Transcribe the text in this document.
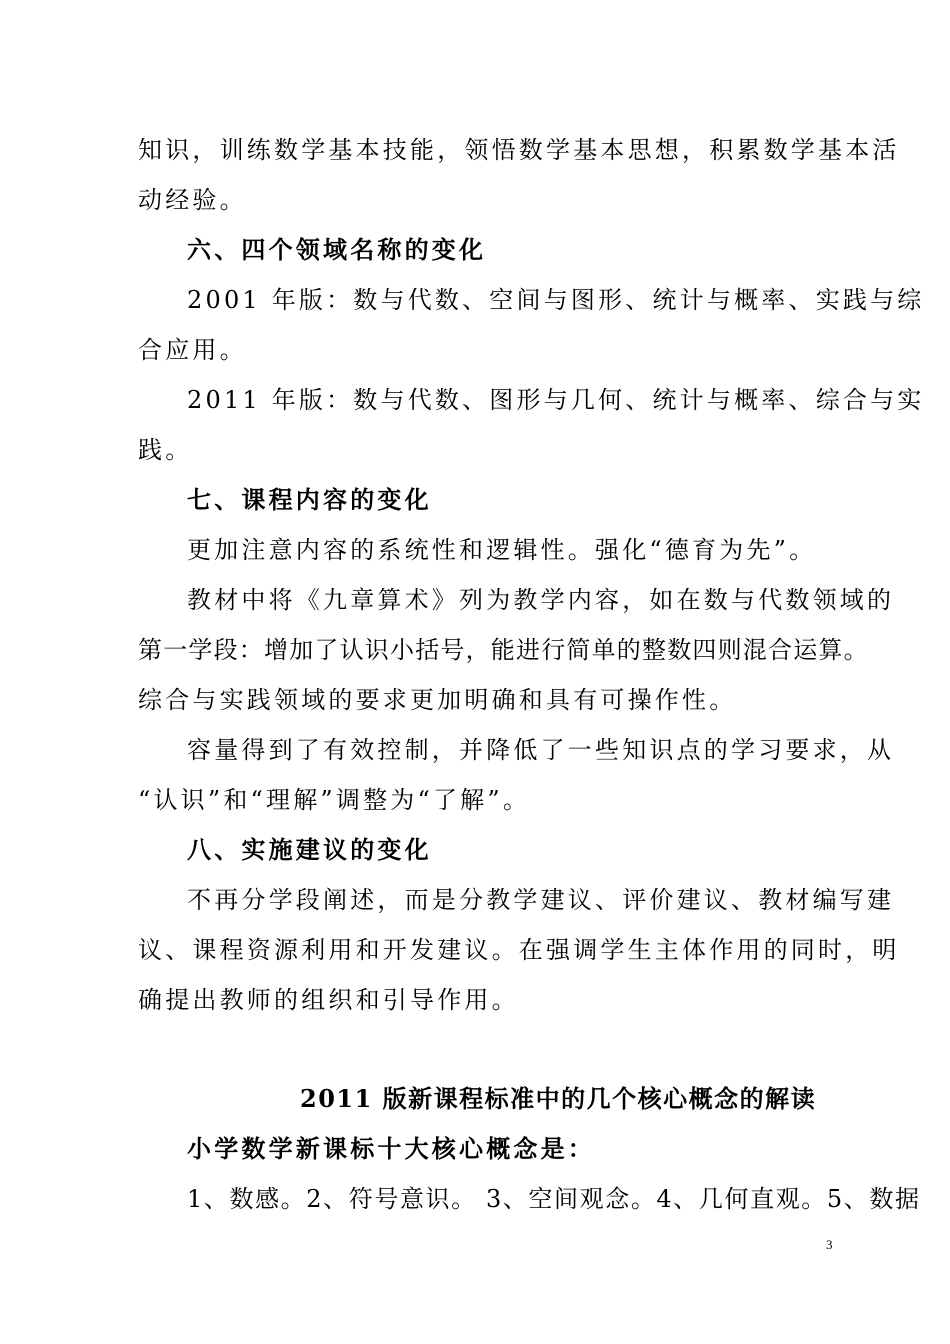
知识，训练数学基本技能，领悟数学基本思想，积累数学基本活
动经验。
六、四个领域名称的变化
2001 年版：数与代数、空间与图形、统计与概率、实践与综
合应用。
2011 年版：数与代数、图形与几何、统计与概率、综合与实
践。
七、课程内容的变化
更加注意内容的系统性和逻辑性。强化“德育为先”。
教材中将《九章算术》列为教学内容，如在数与代数领域的
第一学段：增加了认识小括号，能进行简单的整数四则混合运算。
综合与实践领域的要求更加明确和具有可操作性。
容量得到了有效控制，并降低了一些知识点的学习要求，从
“认识”和“理解”调整为“了解”。
八、实施建议的变化
不再分学段阐述，而是分教学建议、评价建议、教材编写建
议、课程资源利用和开发建议。在强调学生主体作用的同时，明
确提出教师的组织和引导作用。
2011 版新课程标准中的几个核心概念的解读
小学数学新课标十大核心概念是：
1、数感。2、符号意识。 3、空间观念。4、几何直观。5、数据
3
